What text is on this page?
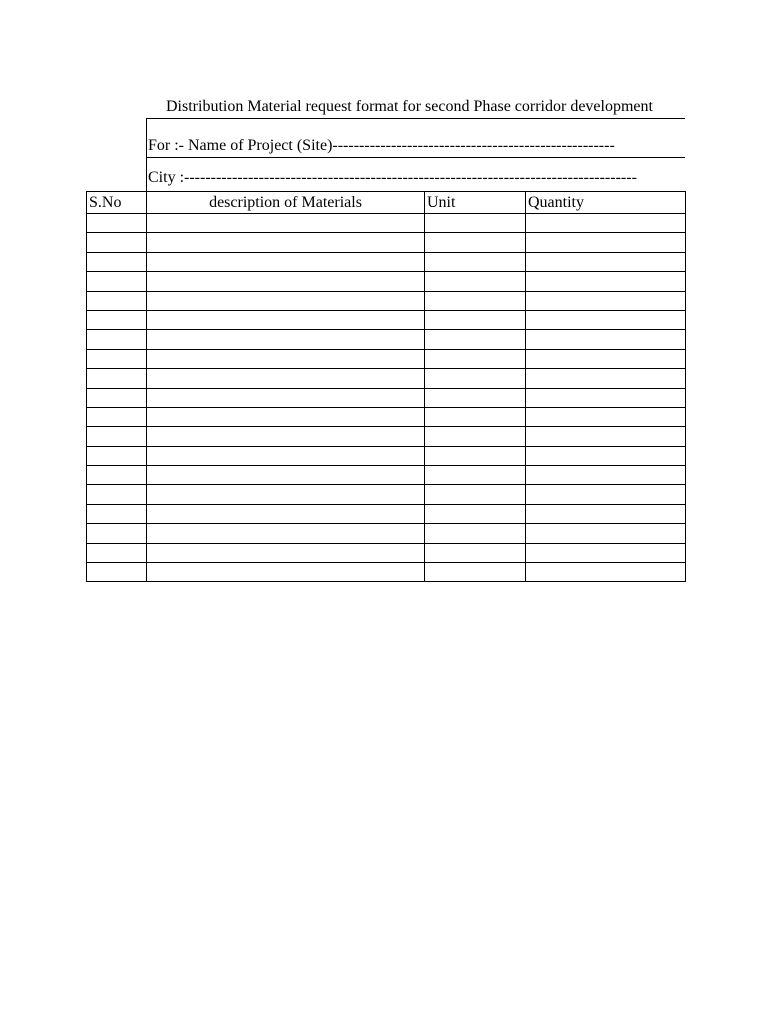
Distribution Material request format for second Phase corridor development
For :- Name of Project (Site)-----------------------------------------------------
City :-------------------------------------------------------------------------------------
S.No	description of Materials	Unit	Quantity
